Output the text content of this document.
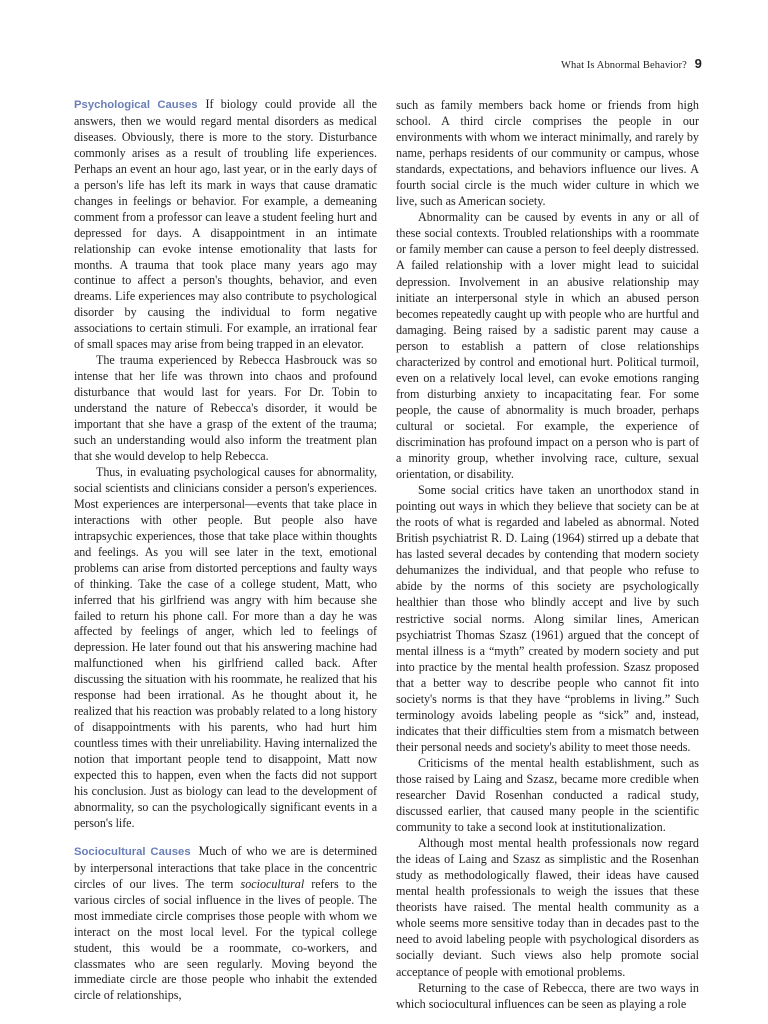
What Is Abnormal Behavior? 9

Psychological Causes If biology could provide all the answers, then we would regard mental disorders as medical diseases. Obviously, there is more to the story. Disturbance commonly arises as a result of troubling life experiences. Perhaps an event an hour ago, last year, or in the early days of a person's life has left its mark in ways that cause dramatic changes in feelings or behavior. For example, a demeaning comment from a professor can leave a student feeling hurt and depressed for days. A disappointment in an intimate relationship can evoke intense emotionality that lasts for months. A trauma that took place many years ago may continue to affect a person's thoughts, behavior, and even dreams. Life experiences may also contribute to psychological disorder by causing the individual to form negative associations to certain stimuli. For example, an irrational fear of small spaces may arise from being trapped in an elevator.

The trauma experienced by Rebecca Hasbrouck was so intense that her life was thrown into chaos and profound disturbance that would last for years. For Dr. Tobin to understand the nature of Rebecca's disorder, it would be important that she have a grasp of the extent of the trauma; such an understanding would also inform the treatment plan that she would develop to help Rebecca.

Thus, in evaluating psychological causes for abnormality, social scientists and clinicians consider a person's experiences. Most experiences are interpersonal—events that take place in interactions with other people. But people also have intrapsychic experiences, those that take place within thoughts and feelings. As you will see later in the text, emotional problems can arise from distorted perceptions and faulty ways of thinking. Take the case of a college student, Matt, who inferred that his girlfriend was angry with him because she failed to return his phone call. For more than a day he was affected by feelings of anger, which led to feelings of depression. He later found out that his answering machine had malfunctioned when his girlfriend called back. After discussing the situation with his roommate, he realized that his response had been irrational. As he thought about it, he realized that his reaction was probably related to a long history of disappointments with his parents, who had hurt him countless times with their unreliability. Having internalized the notion that important people tend to disappoint, Matt now expected this to happen, even when the facts did not support his conclusion. Just as biology can lead to the development of abnormality, so can the psychologically significant events in a person's life.

Sociocultural Causes Much of who we are is determined by interpersonal interactions that take place in the concentric circles of our lives. The term sociocultural refers to the various circles of social influence in the lives of people. The most immediate circle comprises those people with whom we interact on the most local level. For the typical college student, this would be a roommate, co-workers, and classmates who are seen regularly. Moving beyond the immediate circle are those people who inhabit the extended circle of relationships,

such as family members back home or friends from high school. A third circle comprises the people in our environments with whom we interact minimally, and rarely by name, perhaps residents of our community or campus, whose standards, expectations, and behaviors influence our lives. A fourth social circle is the much wider culture in which we live, such as American society.

Abnormality can be caused by events in any or all of these social contexts. Troubled relationships with a roommate or family member can cause a person to feel deeply distressed. A failed relationship with a lover might lead to suicidal depression. Involvement in an abusive relationship may initiate an interpersonal style in which an abused person becomes repeatedly caught up with people who are hurtful and damaging. Being raised by a sadistic parent may cause a person to establish a pattern of close relationships characterized by control and emotional hurt. Political turmoil, even on a relatively local level, can evoke emotions ranging from disturbing anxiety to incapacitating fear. For some people, the cause of abnormality is much broader, perhaps cultural or societal. For example, the experience of discrimination has profound impact on a person who is part of a minority group, whether involving race, culture, sexual orientation, or disability.

Some social critics have taken an unorthodox stand in pointing out ways in which they believe that society can be at the roots of what is regarded and labeled as abnormal. Noted British psychiatrist R. D. Laing (1964) stirred up a debate that has lasted several decades by contending that modern society dehumanizes the individual, and that people who refuse to abide by the norms of this society are psychologically healthier than those who blindly accept and live by such restrictive social norms. Along similar lines, American psychiatrist Thomas Szasz (1961) argued that the concept of mental illness is a “myth” created by modern society and put into practice by the mental health profession. Szasz proposed that a better way to describe people who cannot fit into society's norms is that they have “problems in living.” Such terminology avoids labeling people as “sick” and, instead, indicates that their difficulties stem from a mismatch between their personal needs and society's ability to meet those needs.

Criticisms of the mental health establishment, such as those raised by Laing and Szasz, became more credible when researcher David Rosenhan conducted a radical study, discussed earlier, that caused many people in the scientific community to take a second look at institutionalization.

Although most mental health professionals now regard the ideas of Laing and Szasz as simplistic and the Rosenhan study as methodologically flawed, their ideas have caused mental health professionals to weigh the issues that these theorists have raised. The mental health community as a whole seems more sensitive today than in decades past to the need to avoid labeling people with psychological disorders as socially deviant. Such views also help promote social acceptance of people with emotional problems.

Returning to the case of Rebecca, there are two ways in which sociocultural influences can be seen as playing a role
